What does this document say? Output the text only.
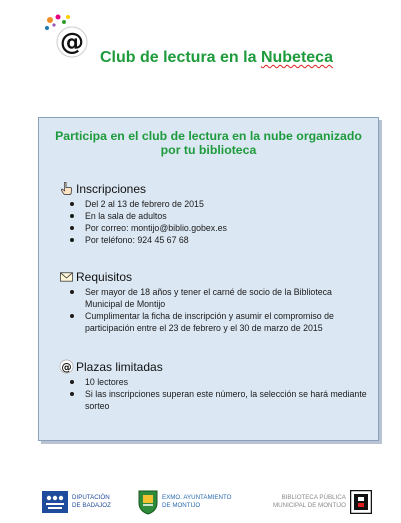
@
Club de lectura en la Nubeteca
Participa en el club de lectura en la nube organizado por tu biblioteca
Inscripciones
Del 2 al 13 de febrero de 2015
En la sala de adultos
Por correo: montijo@biblio.gobex.es
Por teléfono: 924 45 67 68
Requisitos
Ser mayor de 18 años y tener el carné de socio de la Biblioteca Municipal de Montijo
Cumplimentar la ficha de inscripción y asumir el compromiso de participación entre el 23 de febrero y el 30 de marzo de 2015
@ Plazas limitadas
10 lectores
Si las inscripciones superan este número, la selección se hará mediante sorteo
DIPUTACIÓN
DE BADAJOZ
EXMO. AYUNTAMIENTO
DE MONTIJO
BIBLIOTECA PÚBLICA
MUNICIPAL DE MONTIJO
